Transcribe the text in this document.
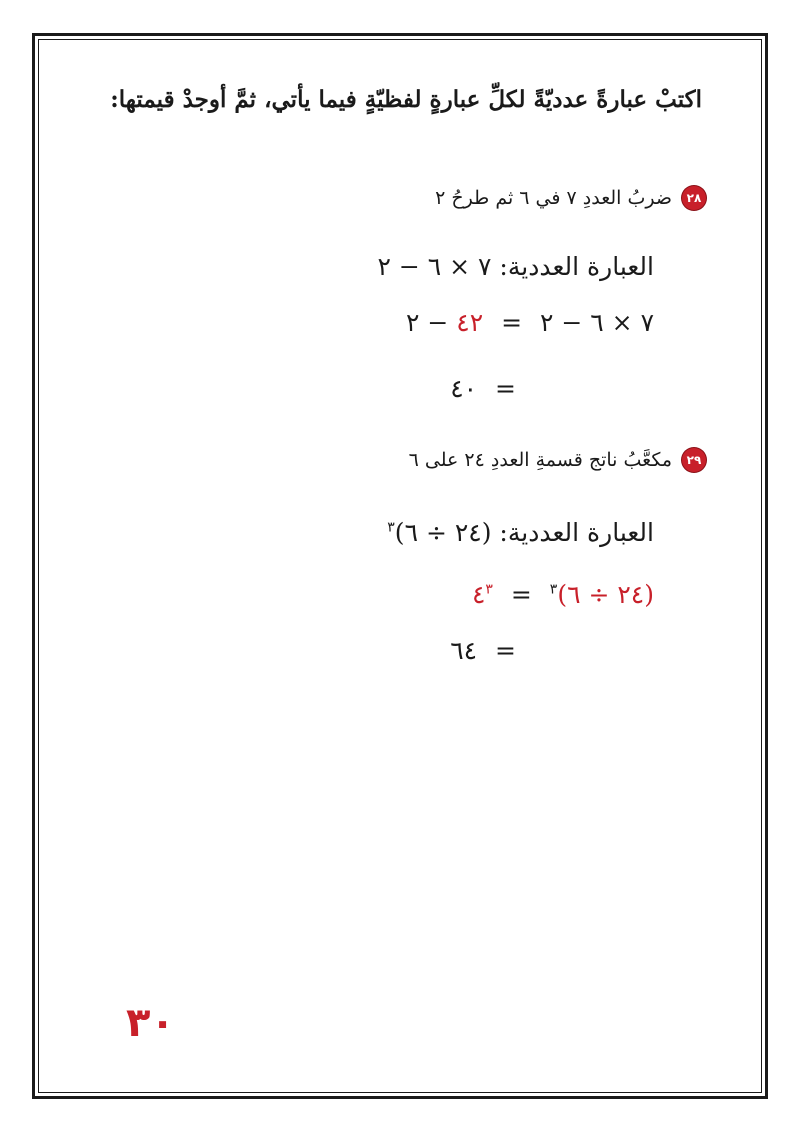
اكتبْ عبارةً عدديّةً لكلِّ عبارةٍ لفظيّةٍ فيما يأتي، ثمَّ أوجدْ قيمتها:
٢٨
ضربُ العددِ ٧ في ٦ ثم طرحُ ٢
العبارة العددية: ٧ × ٦ − ٢
٧ × ٦ − ٢ = ٤٢ − ٢
= ٤٠
٢٩
مكعَّبُ ناتج قسمةِ العددِ ٢٤ على ٦
العبارة العددية: (٢٤ ÷ ٦)$^٣$
(٢٤ ÷ ٦)$^٣$ = $٤^٣$
= ٦٤
٣٠
